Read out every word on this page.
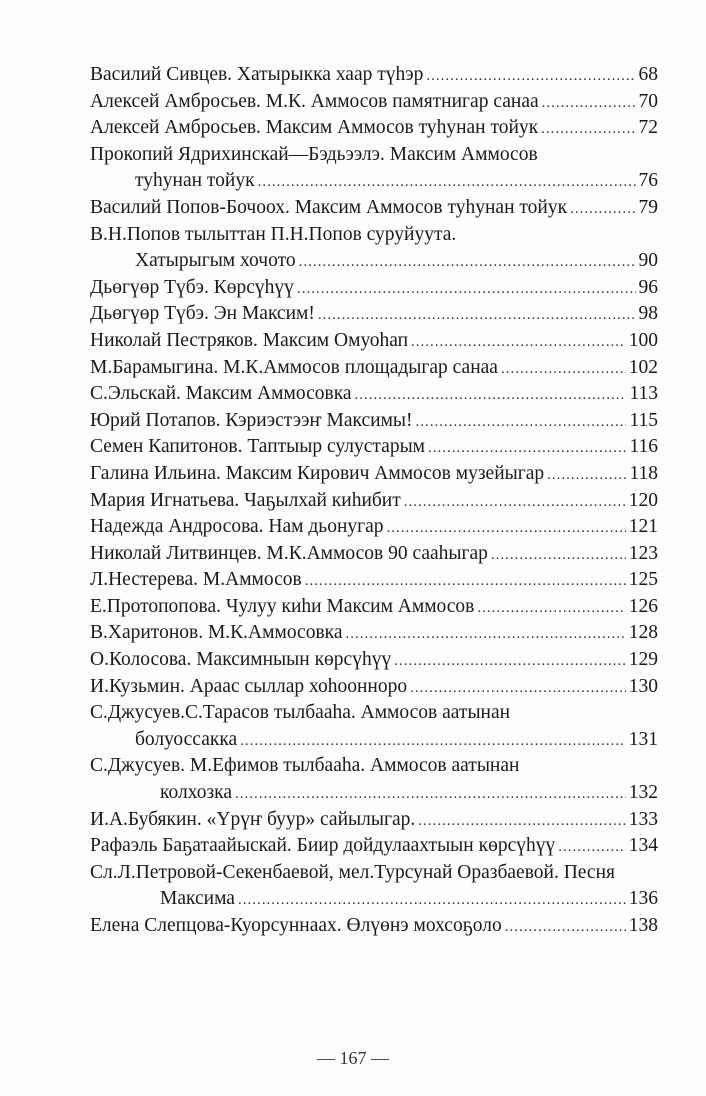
Василий Сивцев. Хатырыкка хаар түһэр .....	68
Алексей Амбросьев. М.К. Аммосов памятнигар санаа .....	70
Алексей Амбросьев. Максим Аммосов туһунан тойук .....	72
Прокопий Ядрихинскай—Бэдьээлэ. Максим Аммосов
туһунан тойук .....	76
Василий Попов-Бочоох. Максим Аммосов туһунан тойук .....	79
В.Н.Попов тылыттан П.Н.Попов суруйуута.
Хатырыгым хочото .....	90
Дьөгүөр Түбэ. Көрсүһүү .....	96
Дьөгүөр Түбэ. Эн Максим! .....	98
Николай Пестряков. Максим Омуоһап .....	100
М.Барамыгина. М.К.Аммосов площадыгар санаа .....	102
С.Эльскай. Максим Аммосовка .....	113
Юрий Потапов. Кэриэстээҥ Максимы! .....	115
Семен Капитонов. Таптыыр сулустарым .....	116
Галина Ильина. Максим Кирович Аммосов музейыгар .....	118
Мария Игнатьева. Чаҕылхай киһибит .....	120
Надежда Андросова. Нам дьонугар .....	121
Николай Литвинцев. М.К.Аммосов 90 сааһыгар .....	123
Л.Нестерева. М.Аммосов .....	125
Е.Протопопова. Чулуу киһи Максим Аммосов .....	126
В.Харитонов. М.К.Аммосовка .....	128
О.Колосова. Максимныын көрсүһүү .....	129
И.Кузьмин. Араас сыллар хоһоонноро .....	130
С.Джусуев.С.Тарасов тылбааһа. Аммосов аатынан
болуоссакка .....	131
С.Джусуев. М.Ефимов тылбааһа. Аммосов аатынан
колхозка .....	132
И.А.Бубякин. «Үрүҥ буур» сайылыгар. .....	133
Рафаэль Баҕатаайыскай. Биир дойдулаахтыын көрсүһүү .....	134
Сл.Л.Петровой-Секенбаевой, мел.Турсунай Оразбаевой. Песня
Максима .....	136
Елена Слепцова-Куорсуннаах. Өлүөнэ мохсоҕоло .....	138
— 167 —
